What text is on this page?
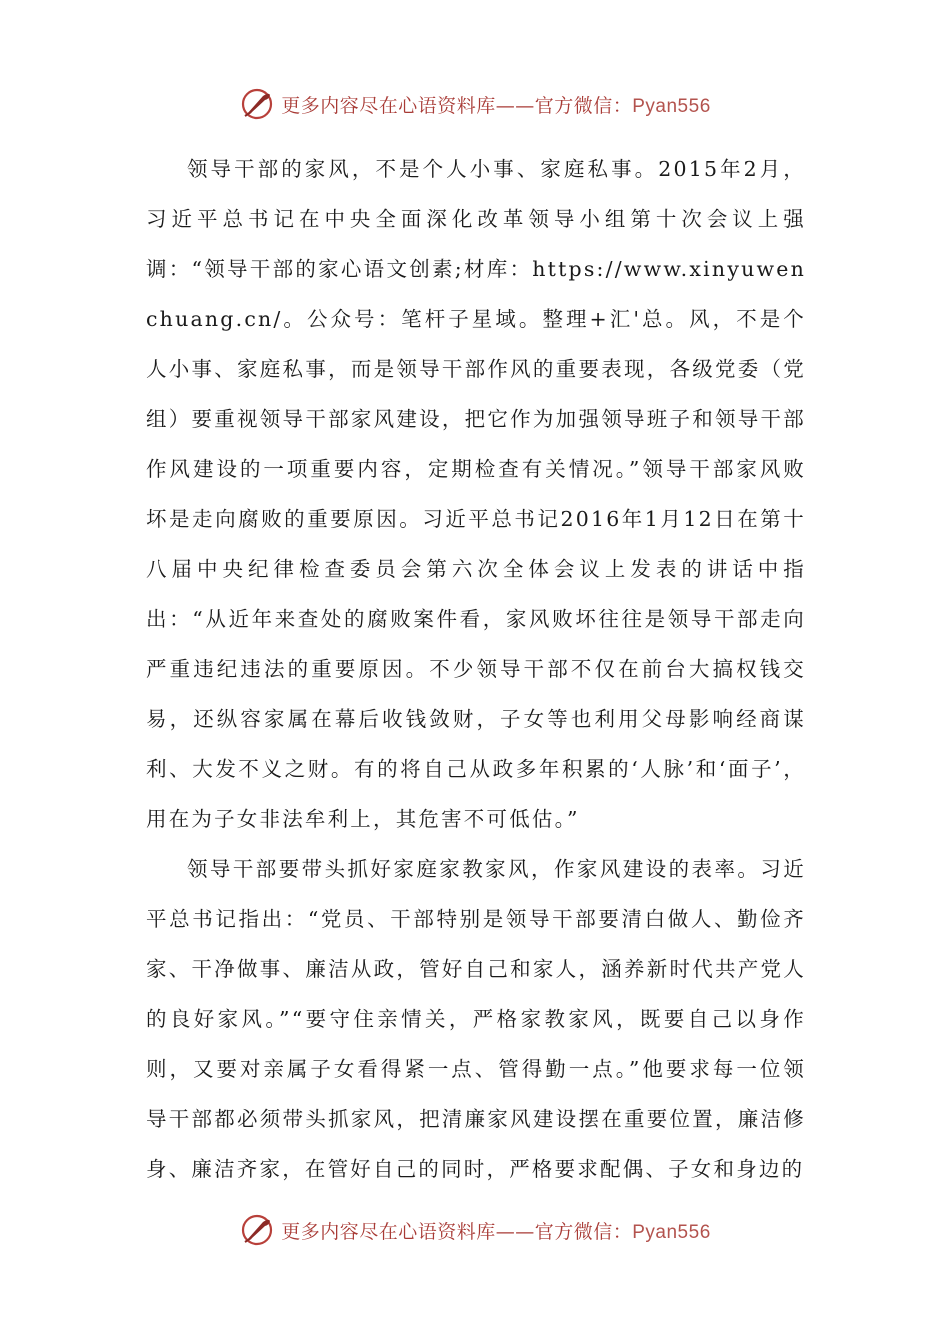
更多内容尽在心语资料库——官方微信：Pyan556

领导干部的家风，不是个人小事、家庭私事。2015年2月，习近平总书记在中央全面深化改革领导小组第十次会议上强调：“领导干部的家心语文创素;材库：https://www.xinyuwenchuang.cn/。公众号：笔杆子星域。整理+汇'总。风，不是个人小事、家庭私事，而是领导干部作风的重要表现，各级党委（党组）要重视领导干部家风建设，把它作为加强领导班子和领导干部作风建设的一项重要内容，定期检查有关情况。”领导干部家风败坏是走向腐败的重要原因。习近平总书记2016年1月12日在第十八届中央纪律检查委员会第六次全体会议上发表的讲话中指出：“从近年来查处的腐败案件看，家风败坏往往是领导干部走向严重违纪违法的重要原因。不少领导干部不仅在前台大搞权钱交易，还纵容家属在幕后收钱敛财，子女等也利用父母影响经商谋利、大发不义之财。有的将自己从政多年积累的‘人脉’和‘面子’，用在为子女非法牟利上，其危害不可低估。”

领导干部要带头抓好家庭家教家风，作家风建设的表率。习近平总书记指出：“党员、干部特别是领导干部要清白做人、勤俭齐家、干净做事、廉洁从政，管好自己和家人，涵养新时代共产党人的良好家风。”“要守住亲情关，严格家教家风，既要自己以身作则，又要对亲属子女看得紧一点、管得勤一点。”他要求每一位领导干部都必须带头抓家风，把清廉家风建设摆在重要位置，廉洁修身、廉洁齐家，在管好自己的同时，严格要求配偶、子女和身边的

更多内容尽在心语资料库——官方微信：Pyan556
